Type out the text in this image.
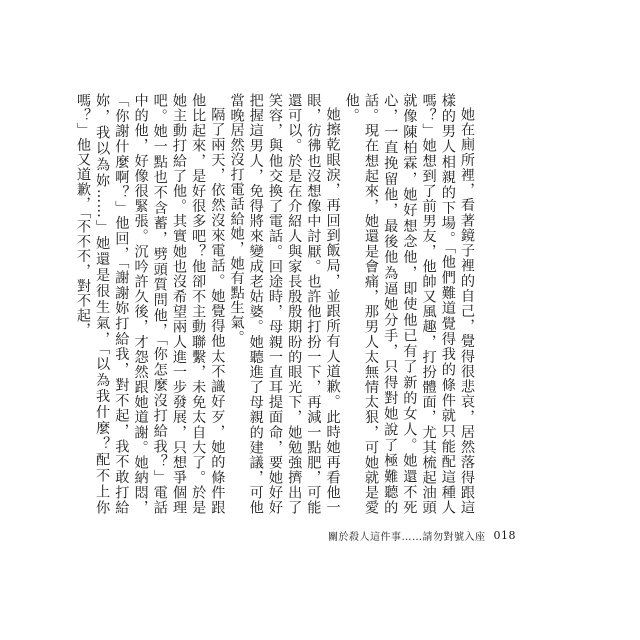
她在廁所裡，看著鏡子裡的自己，覺得很悲哀，居然落得跟這樣的男人相親的下場。「他們難道覺得我的條件就只能配這種人嗎？」她想到了前男友，他帥又風趣，打扮體面，尤其梳起油頭就像陳柏霖，她好想念他，即使他已有了新的女人。她還不死心，一直挽留他，最後他為逼她分手，只得對她說了極難聽的話。現在想起來，她還是會痛，那男人太無情太狠，可她就是愛他。

她擦乾眼淚，再回到飯局，並跟所有人道歉。此時她再看他一眼，彷彿也沒想像中討厭。也許他打扮一下，再減一點肥，可能還可以。於是在介紹人與家長殷殷期盼的眼光下，她勉強擠出了笑容，與他交換了電話。回途時，母親一直耳提面命，要她好好把握這男人，免得將來變成老姑婆。她聽進了母親的建議，可他當晚居然沒打電話給她，她有點生氣。

隔了兩天，依然沒來電話。她覺得他太不識好歹，她的條件跟他比起來，是好很多吧？他卻不主動聯繫，未免太自大了。於是她主動打給了他。其實她也沒希望兩人進一步發展，只想爭個理吧。她一點也不含蓄，劈頭質問他，「你怎麼沒打給我？」電話中的他，好像很緊張。沉吟許久後，才怨然跟她道謝。她納悶，「你謝什麼啊？」他回，「謝謝妳打給我，對不起，我不敢打給妳，我以為妳……」她還是很生氣，「以為我什麼？配不上你嗎？」他又道歉，「不不不，對不起，

關於殺人這件事……請勿對號入座 018
